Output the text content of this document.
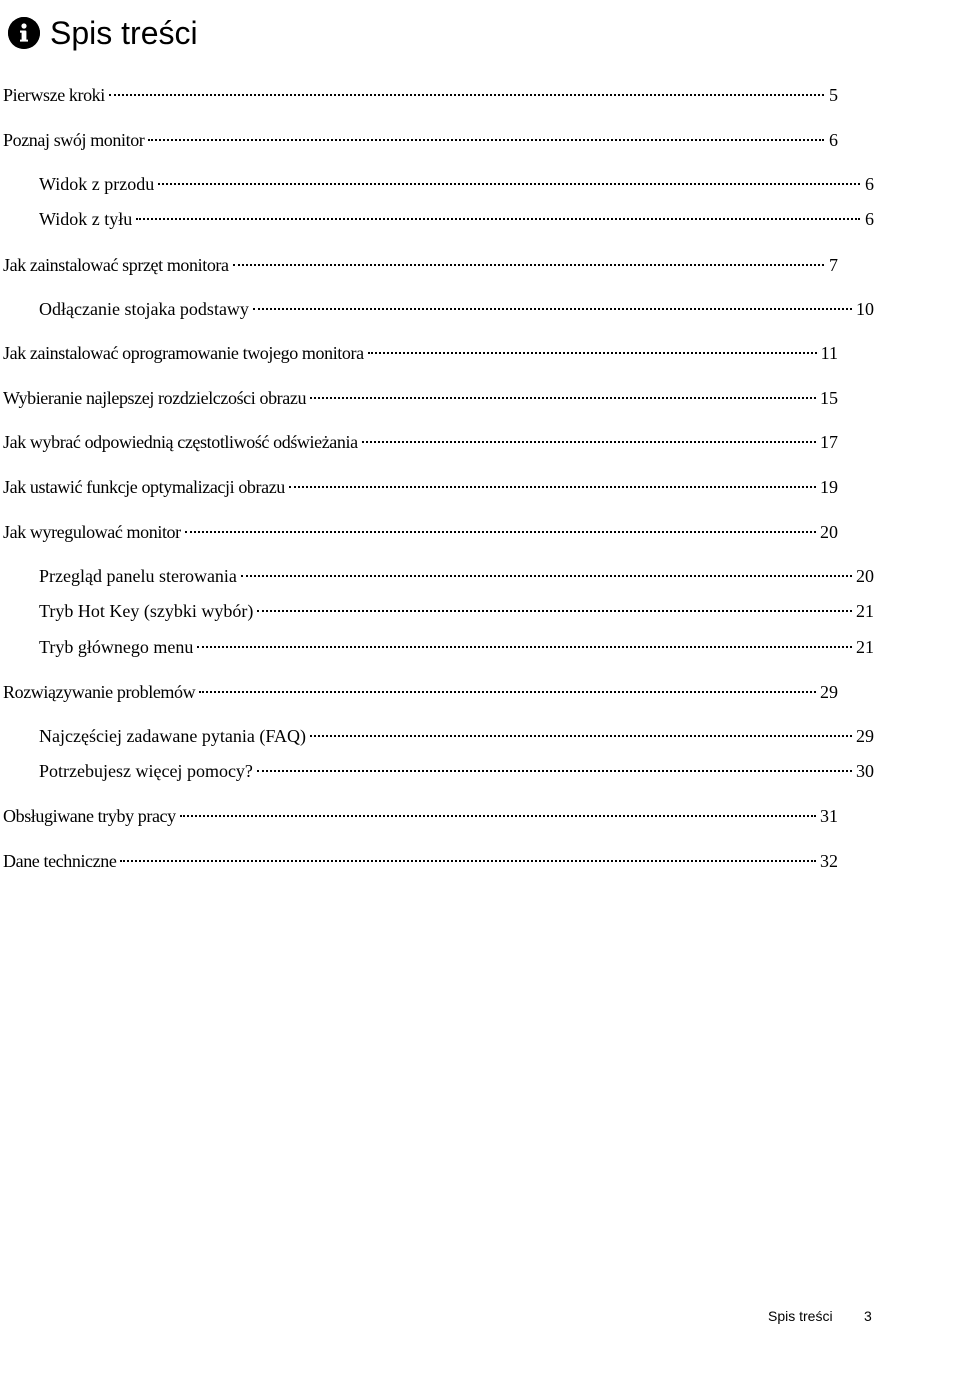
Spis treści
Pierwsze kroki	5
Poznaj swój monitor	6
Widok z przodu	6
Widok z tyłu	6
Jak zainstalować sprzęt monitora	7
Odłączanie stojaka podstawy	10
Jak zainstalować oprogramowanie twojego monitora	11
Wybieranie najlepszej rozdzielczości obrazu	15
Jak wybrać odpowiednią częstotliwość odświeżania	17
Jak ustawić funkcje optymalizacji obrazu	19
Jak wyregulować monitor	20
Przegląd panelu sterowania	20
Tryb Hot Key (szybki wybór)	21
Tryb głównego menu	21
Rozwiązywanie problemów	29
Najczęściej zadawane pytania (FAQ)	29
Potrzebujesz więcej pomocy?	30
Obsługiwane tryby pracy	31
Dane techniczne	32
Spis treści 3
